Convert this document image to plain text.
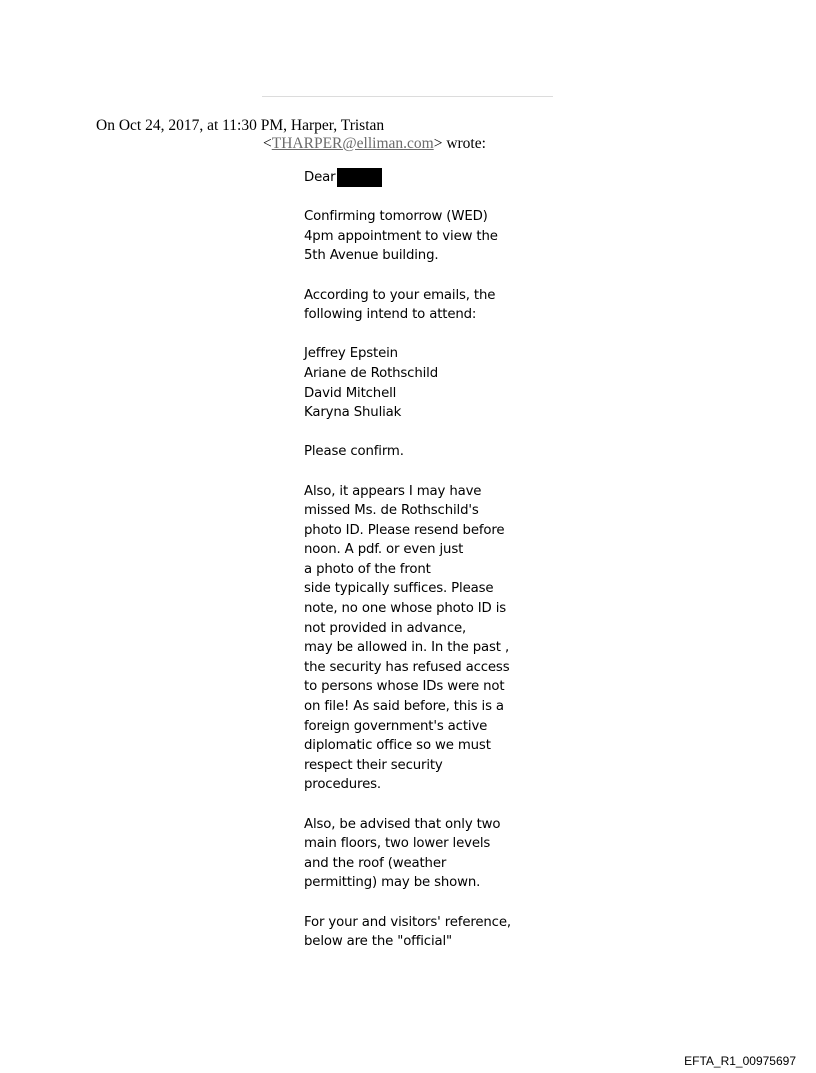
On Oct 24, 2017, at 11:30 PM, Harper, Tristan
<THARPER@elliman.com> wrote:
Dear
Confirming tomorrow (WED)
4pm appointment to view the
5th Avenue building.
According to your emails, the
following intend to attend:
Jeffrey Epstein
Ariane de Rothschild
David Mitchell
Karyna Shuliak
Please confirm.
Also, it appears I may have
missed Ms. de Rothschild's
photo ID. Please resend before
noon. A pdf. or even just
a photo of the front
side typically suffices. Please
note, no one whose photo ID is
not provided in advance,
may be allowed in. In the past ,
the security has refused access
to persons whose IDs were not
on file! As said before, this is a
foreign government's active
diplomatic office so we must
respect their security
procedures.
Also, be advised that only two
main floors, two lower levels
and the roof (weather
permitting) may be shown.
For your and visitors' reference,
below are the "official"
EFTA_R1_00975697
